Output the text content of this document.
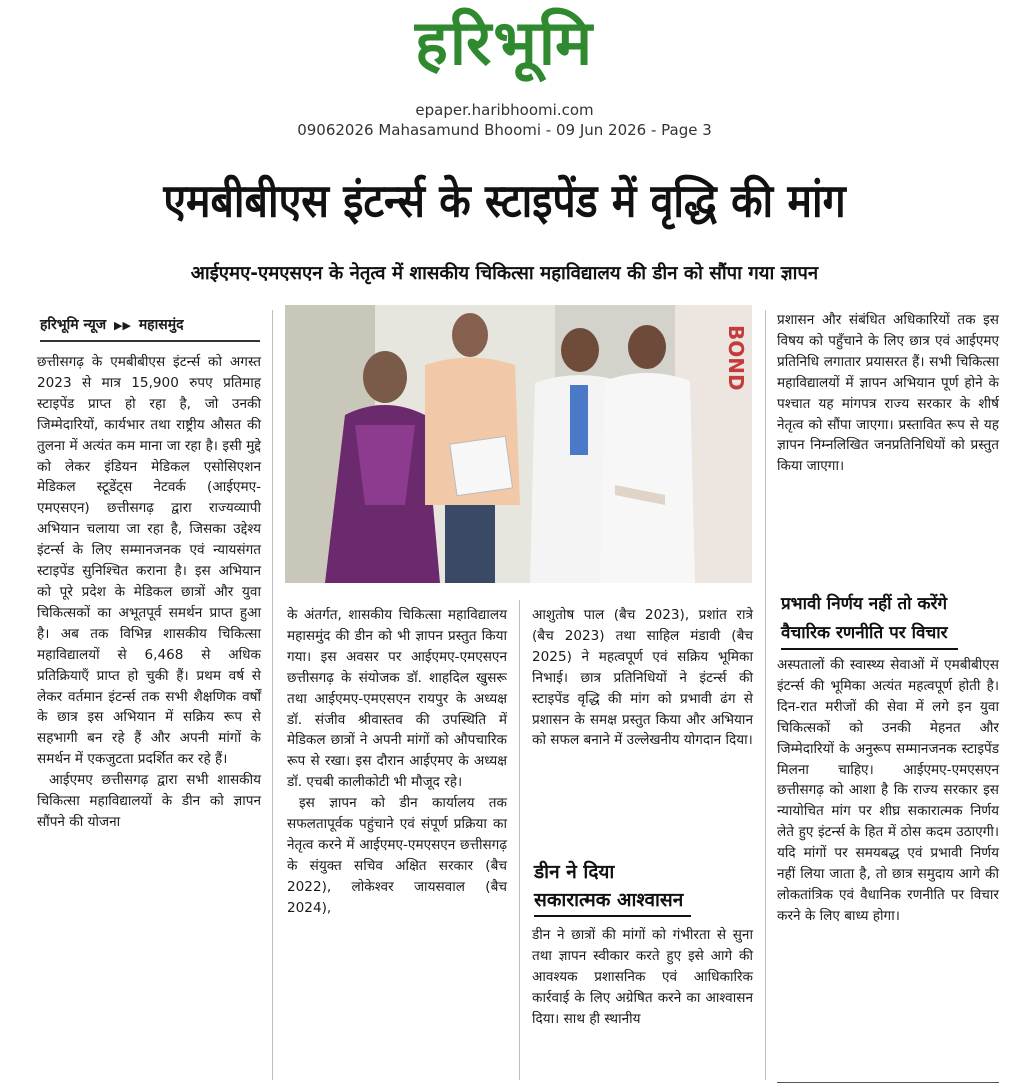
हरिभूमि
epaper.haribhoomi.com
09062026 Mahasamund Bhoomi - 09 Jun 2026 - Page 3
एमबीबीएस इंटर्न्स के स्टाइपेंड में वृद्धि की मांग
आईएमए-एमएसएन के नेतृत्व में शासकीय चिकित्सा महाविद्यालय की डीन को सौंपा गया ज्ञापन
हरिभूमि न्यूज ▶▶ महासमुंद

छत्तीसगढ़ के एमबीबीएस इंटर्न्स को अगस्त 2023 से मात्र 15,900 रुपए प्रतिमाह स्टाइपेंड प्राप्त हो रहा है, जो उनकी जिम्मेदारियों, कार्यभार तथा राष्ट्रीय औसत की तुलना में अत्यंत कम माना जा रहा है। इसी मुद्दे को लेकर इंडियन मेडिकल एसोसिएशन मेडिकल स्टूडेंट्स नेटवर्क (आईएमए-एमएसएन) छत्तीसगढ़ द्वारा राज्यव्यापी अभियान चलाया जा रहा है, जिसका उद्देश्य इंटर्न्स के लिए सम्मानजनक एवं न्यायसंगत स्टाइपेंड सुनिश्चित कराना है। इस अभियान को पूरे प्रदेश के मेडिकल छात्रों और युवा चिकित्सकों का अभूतपूर्व समर्थन प्राप्त हुआ है। अब तक विभिन्न शासकीय चिकित्सा महाविद्यालयों से 6,468 से अधिक प्रतिक्रियाएँ प्राप्त हो चुकी हैं। प्रथम वर्ष से लेकर वर्तमान इंटर्न्स तक सभी शैक्षणिक वर्षों के छात्र इस अभियान में सक्रिय रूप से सहभागी बन रहे हैं और अपनी मांगों के समर्थन में एकजुटता प्रदर्शित कर रहे हैं।

आईएमए छत्तीसगढ़ द्वारा सभी शासकीय चिकित्सा महाविद्यालयों के डीन को ज्ञापन सौंपने की योजना

BOND

के अंतर्गत, शासकीय चिकित्सा महाविद्यालय महासमुंद की डीन को भी ज्ञापन प्रस्तुत किया गया। इस अवसर पर आईएमए-एमएसएन छत्तीसगढ़ के संयोजक डॉ. शाहदिल खुसरू तथा आईएमए-एमएसएन रायपुर के अध्यक्ष डॉ. संजीव श्रीवास्तव की उपस्थिति में मेडिकल छात्रों ने अपनी मांगों को औपचारिक रूप से रखा। इस दौरान आईएमए के अध्यक्ष डॉ. एचबी कालीकोटी भी मौजूद रहे।

इस ज्ञापन को डीन कार्यालय तक सफलतापूर्वक पहुंचाने एवं संपूर्ण प्रक्रिया का नेतृत्व करने में आईएमए-एमएसएन छत्तीसगढ़ के संयुक्त सचिव अक्षित सरकार (बैच 2022), लोकेश्वर जायसवाल (बैच 2024),

आशुतोष पाल (बैच 2023), प्रशांत रात्रे (बैच 2023) तथा साहिल मंडावी (बैच 2025) ने महत्वपूर्ण एवं सक्रिय भूमिका निभाई। छात्र प्रतिनिधियों ने इंटर्न्स की स्टाइपेंड वृद्धि की मांग को प्रभावी ढंग से प्रशासन के समक्ष प्रस्तुत किया और अभियान को सफल बनाने में उल्लेखनीय योगदान दिया।

डीन ने दिया
सकारात्मक आश्वासन

डीन ने छात्रों की मांगों को गंभीरता से सुना तथा ज्ञापन स्वीकार करते हुए इसे आगे की आवश्यक प्रशासनिक एवं आधिकारिक कार्रवाई के लिए अग्रेषित करने का आश्वासन दिया। साथ ही स्थानीय

प्रशासन और संबंधित अधिकारियों तक इस विषय को पहुँचाने के लिए छात्र एवं आईएमए प्रतिनिधि लगातार प्रयासरत हैं। सभी चिकित्सा महाविद्यालयों में ज्ञापन अभियान पूर्ण होने के पश्चात यह मांगपत्र राज्य सरकार के शीर्ष नेतृत्व को सौंपा जाएगा। प्रस्तावित रूप से यह ज्ञापन निम्नलिखित जनप्रतिनिधियों को प्रस्तुत किया जाएगा।

प्रभावी निर्णय नहीं तो करेंगे
वैचारिक रणनीति पर विचार

अस्पतालों की स्वास्थ्य सेवाओं में एमबीबीएस इंटर्न्स की भूमिका अत्यंत महत्वपूर्ण होती है। दिन-रात मरीजों की सेवा में लगे इन युवा चिकित्सकों को उनकी मेहनत और जिम्मेदारियों के अनुरूप सम्मानजनक स्टाइपेंड मिलना चाहिए। आईएमए-एमएसएन छत्तीसगढ़ को आशा है कि राज्य सरकार इस न्यायोचित मांग पर शीघ्र सकारात्मक निर्णय लेते हुए इंटर्न्स के हित में ठोस कदम उठाएगी। यदि मांगों पर समयबद्ध एवं प्रभावी निर्णय नहीं लिया जाता है, तो छात्र समुदाय आगे की लोकतांत्रिक एवं वैधानिक रणनीति पर विचार करने के लिए बाध्य होगा।
